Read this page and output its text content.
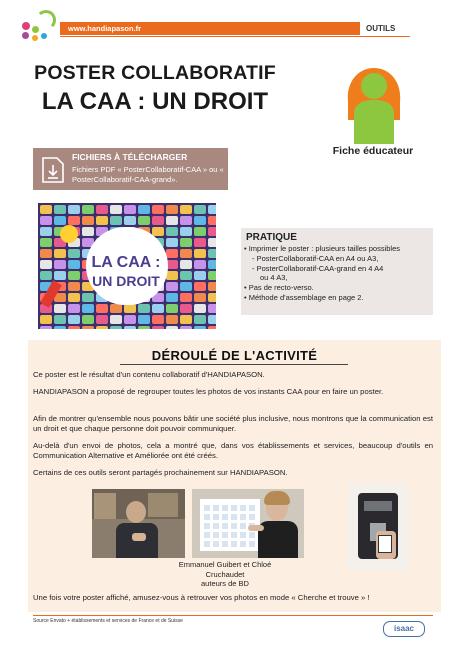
www.handiapason.fr	OUTILS
POSTER COLLABORATIF
LA CAA : UN DROIT
Fiche éducateur
FICHIERS À TÉLÉCHARGER
Fichiers PDF « PosterCollaboratif-CAA » ou « PosterCollaboratif-CAA-grand».
LA CAA :
UN DROIT
PRATIQUE
• Imprimer le poster : plusieurs tailles possibles
- PosterCollaboratif-CAA en A4 ou A3,
- PosterCollaboratif-CAA-grand en 4 A4
ou 4 A3,
• Pas de recto-verso.
• Méthode d'assemblage en page 2.
DÉROULÉ DE L'ACTIVITÉ
Ce poster est le résultat d'un contenu collaboratif d'HANDIAPASON.
HANDIAPASON a proposé de regrouper toutes les photos de vos instants CAA pour en faire un poster.
Afin de montrer qu'ensemble nous pouvons bâtir une société plus inclusive, nous montrons que la communication est un droit et que chaque personne doit pouvoir communiquer.
Au-delà d'un envoi de photos, cela a montré que, dans vos établissements et services, beaucoup d'outils en Communication Alternative et Améliorée ont été créés.
Certains de ces outils seront partagés prochainement sur HANDIAPASON.
Emmanuel Guibert et Chloé Cruchaudet
auteurs de BD
Une fois votre poster affiché, amusez-vous à retrouver vos photos en mode « Cherche et trouve » !
Source Envato + établissements et services de France et de Suisse
isaac
